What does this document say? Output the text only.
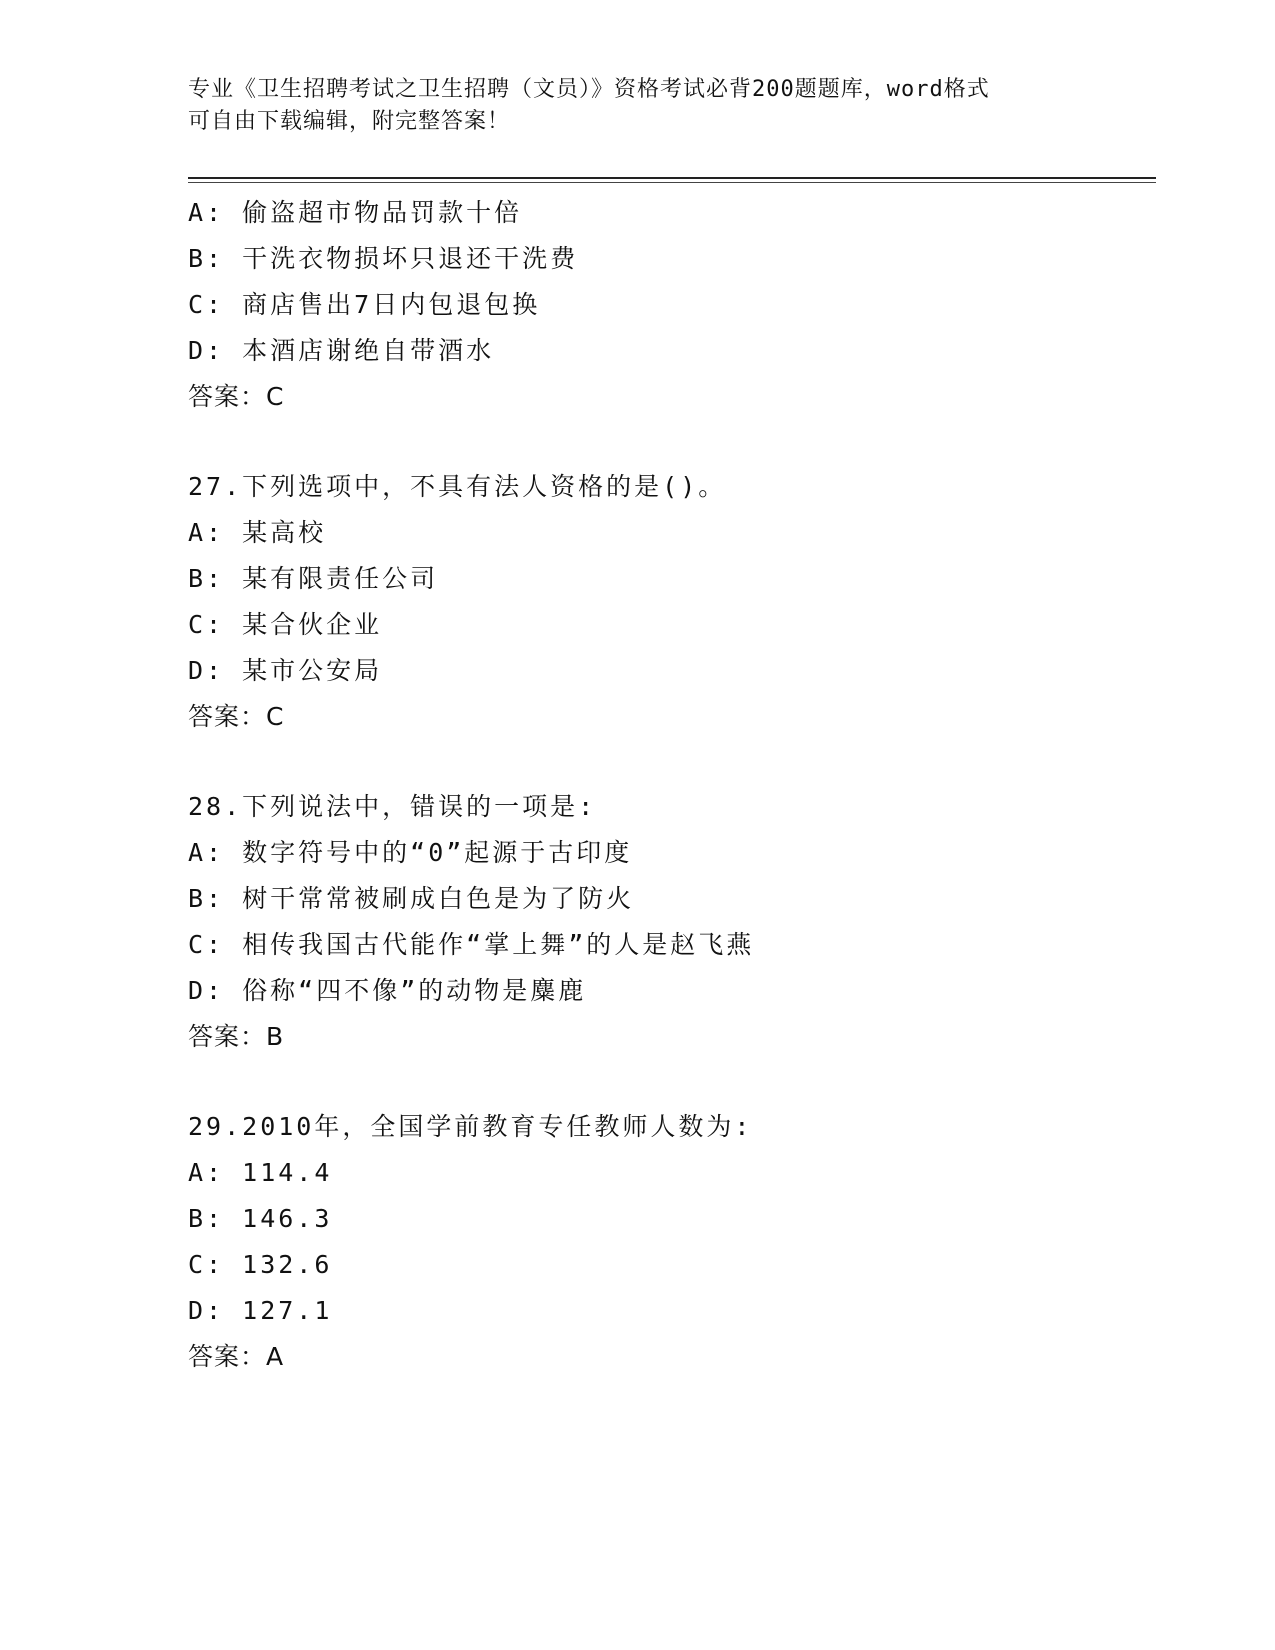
专业《卫生招聘考试之卫生招聘（文员）》资格考试必背200题题库，word格式
可自由下载编辑，附完整答案！
A: 偷盗超市物品罚款十倍
B: 干洗衣物损坏只退还干洗费
C: 商店售出7日内包退包换
D: 本酒店谢绝自带酒水
答案：C
27.下列选项中，不具有法人资格的是()。
A: 某高校
B: 某有限责任公司
C: 某合伙企业
D: 某市公安局
答案：C
28.下列说法中，错误的一项是:
A: 数字符号中的“0”起源于古印度
B: 树干常常被刷成白色是为了防火
C: 相传我国古代能作“掌上舞”的人是赵飞燕
D: 俗称“四不像”的动物是麋鹿
答案：B
29.2010年，全国学前教育专任教师人数为:
A: 114.4
B: 146.3
C: 132.6
D: 127.1
答案：A
